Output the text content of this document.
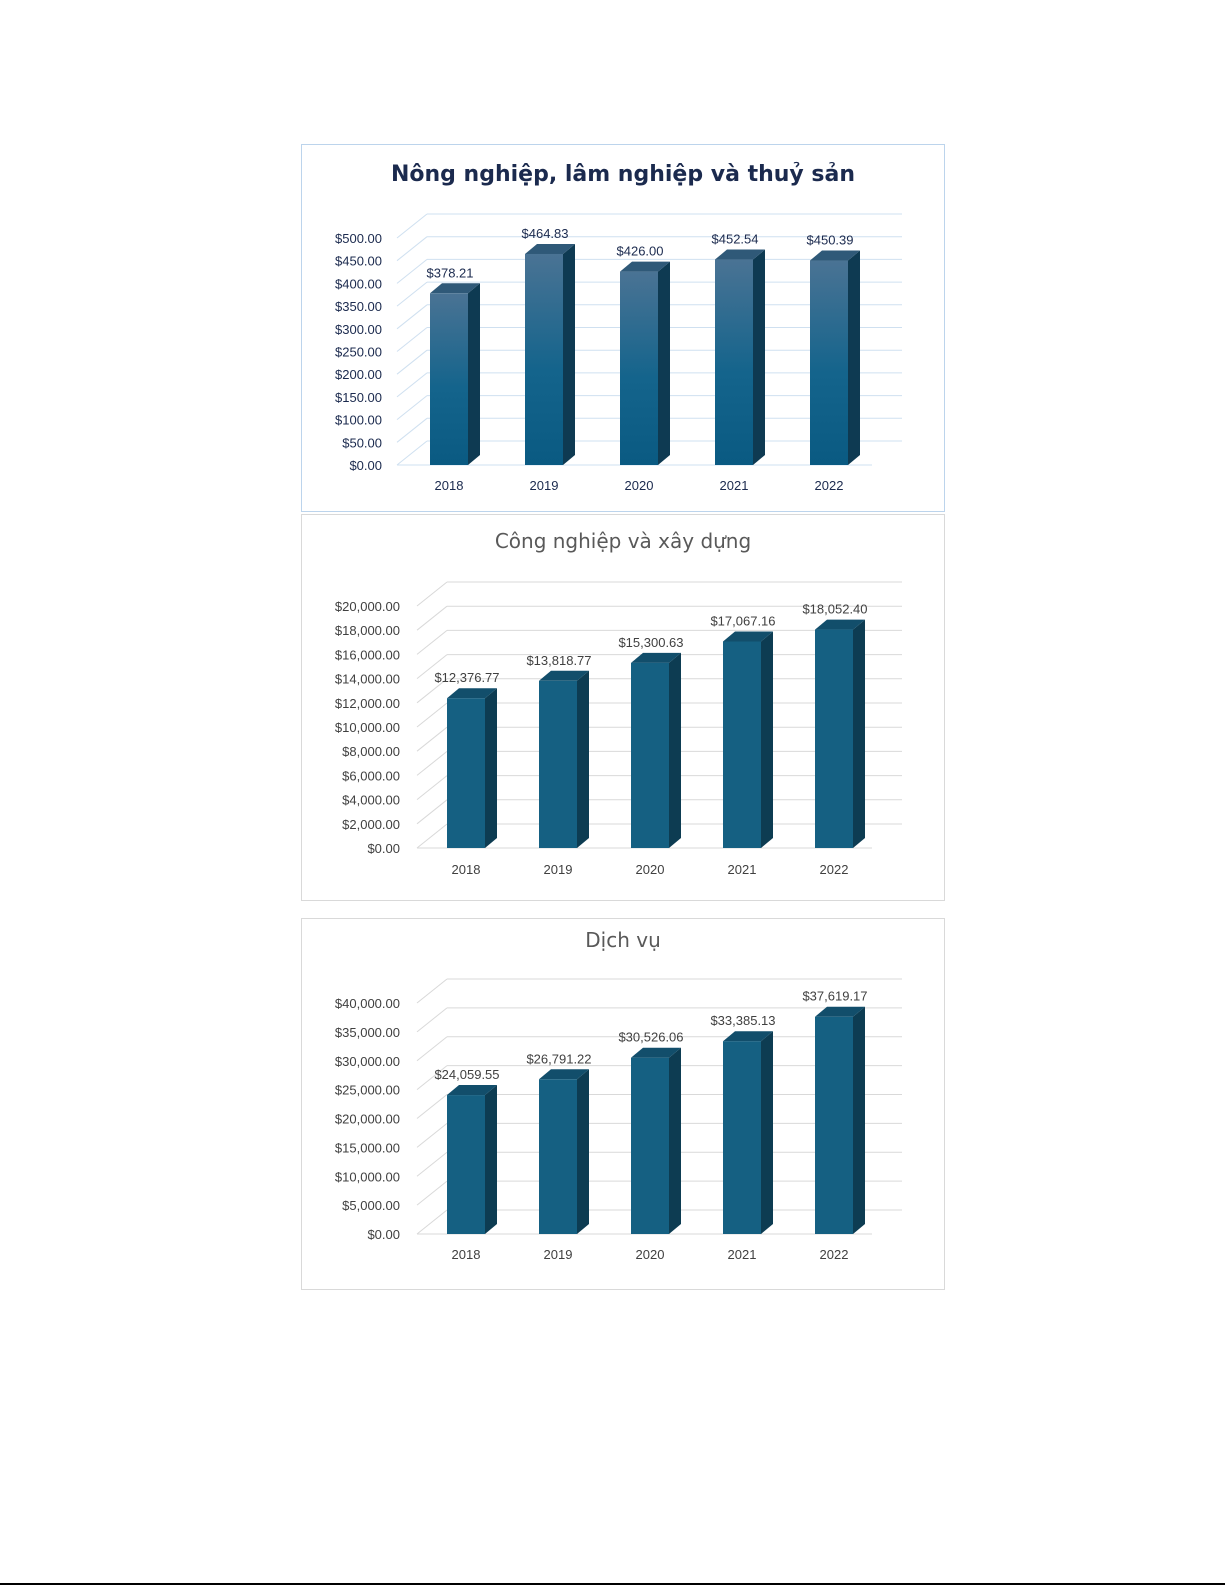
Nông nghiệp, lâm nghiệp và thuỷ sản
$0.00
$50.00
$100.00
$150.00
$200.00
$250.00
$300.00
$350.00
$400.00
$450.00
$500.00
$378.21
2018
$464.83
2019
$426.00
2020
$452.54
2021
$450.39
2022
Công nghiệp và xây dựng
$0.00
$2,000.00
$4,000.00
$6,000.00
$8,000.00
$10,000.00
$12,000.00
$14,000.00
$16,000.00
$18,000.00
$20,000.00
$12,376.77
2018
$13,818.77
2019
$15,300.63
2020
$17,067.16
2021
$18,052.40
2022
Dịch vụ
$0.00
$5,000.00
$10,000.00
$15,000.00
$20,000.00
$25,000.00
$30,000.00
$35,000.00
$40,000.00
$24,059.55
2018
$26,791.22
2019
$30,526.06
2020
$33,385.13
2021
$37,619.17
2022
